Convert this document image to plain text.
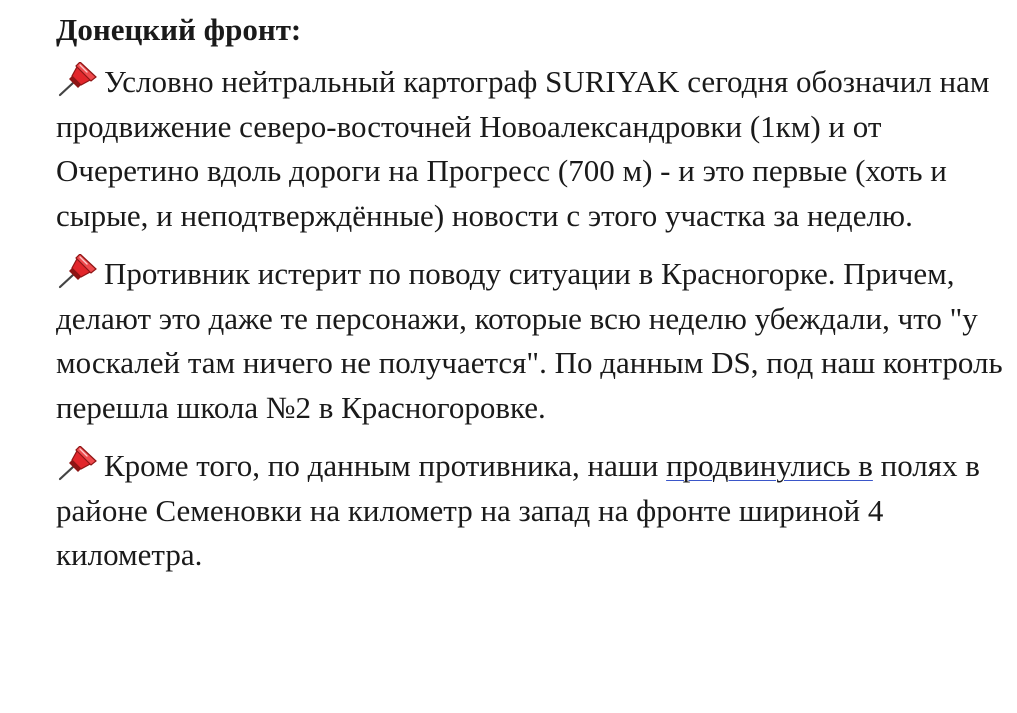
Донецкий фронт:

Условно нейтральный картограф SURIYAK сегодня обозначил нам продвижение северо-восточней Новоалександровки (1км) и от Очеретино вдоль дороги на Прогресс (700 м) - и это первые (хоть и сырые, и неподтверждённые) новости с этого участка за неделю.

Противник истерит по поводу ситуации в Красногорке. Причем, делают это даже те персонажи, которые всю неделю убеждали, что "у москалей там ничего не получается". По данным DS, под наш контроль перешла школа №2 в Красногоровке.

Кроме того, по данным противника, наши продвинулись в полях в районе Семеновки на километр на запад на фронте шириной 4 километра.
